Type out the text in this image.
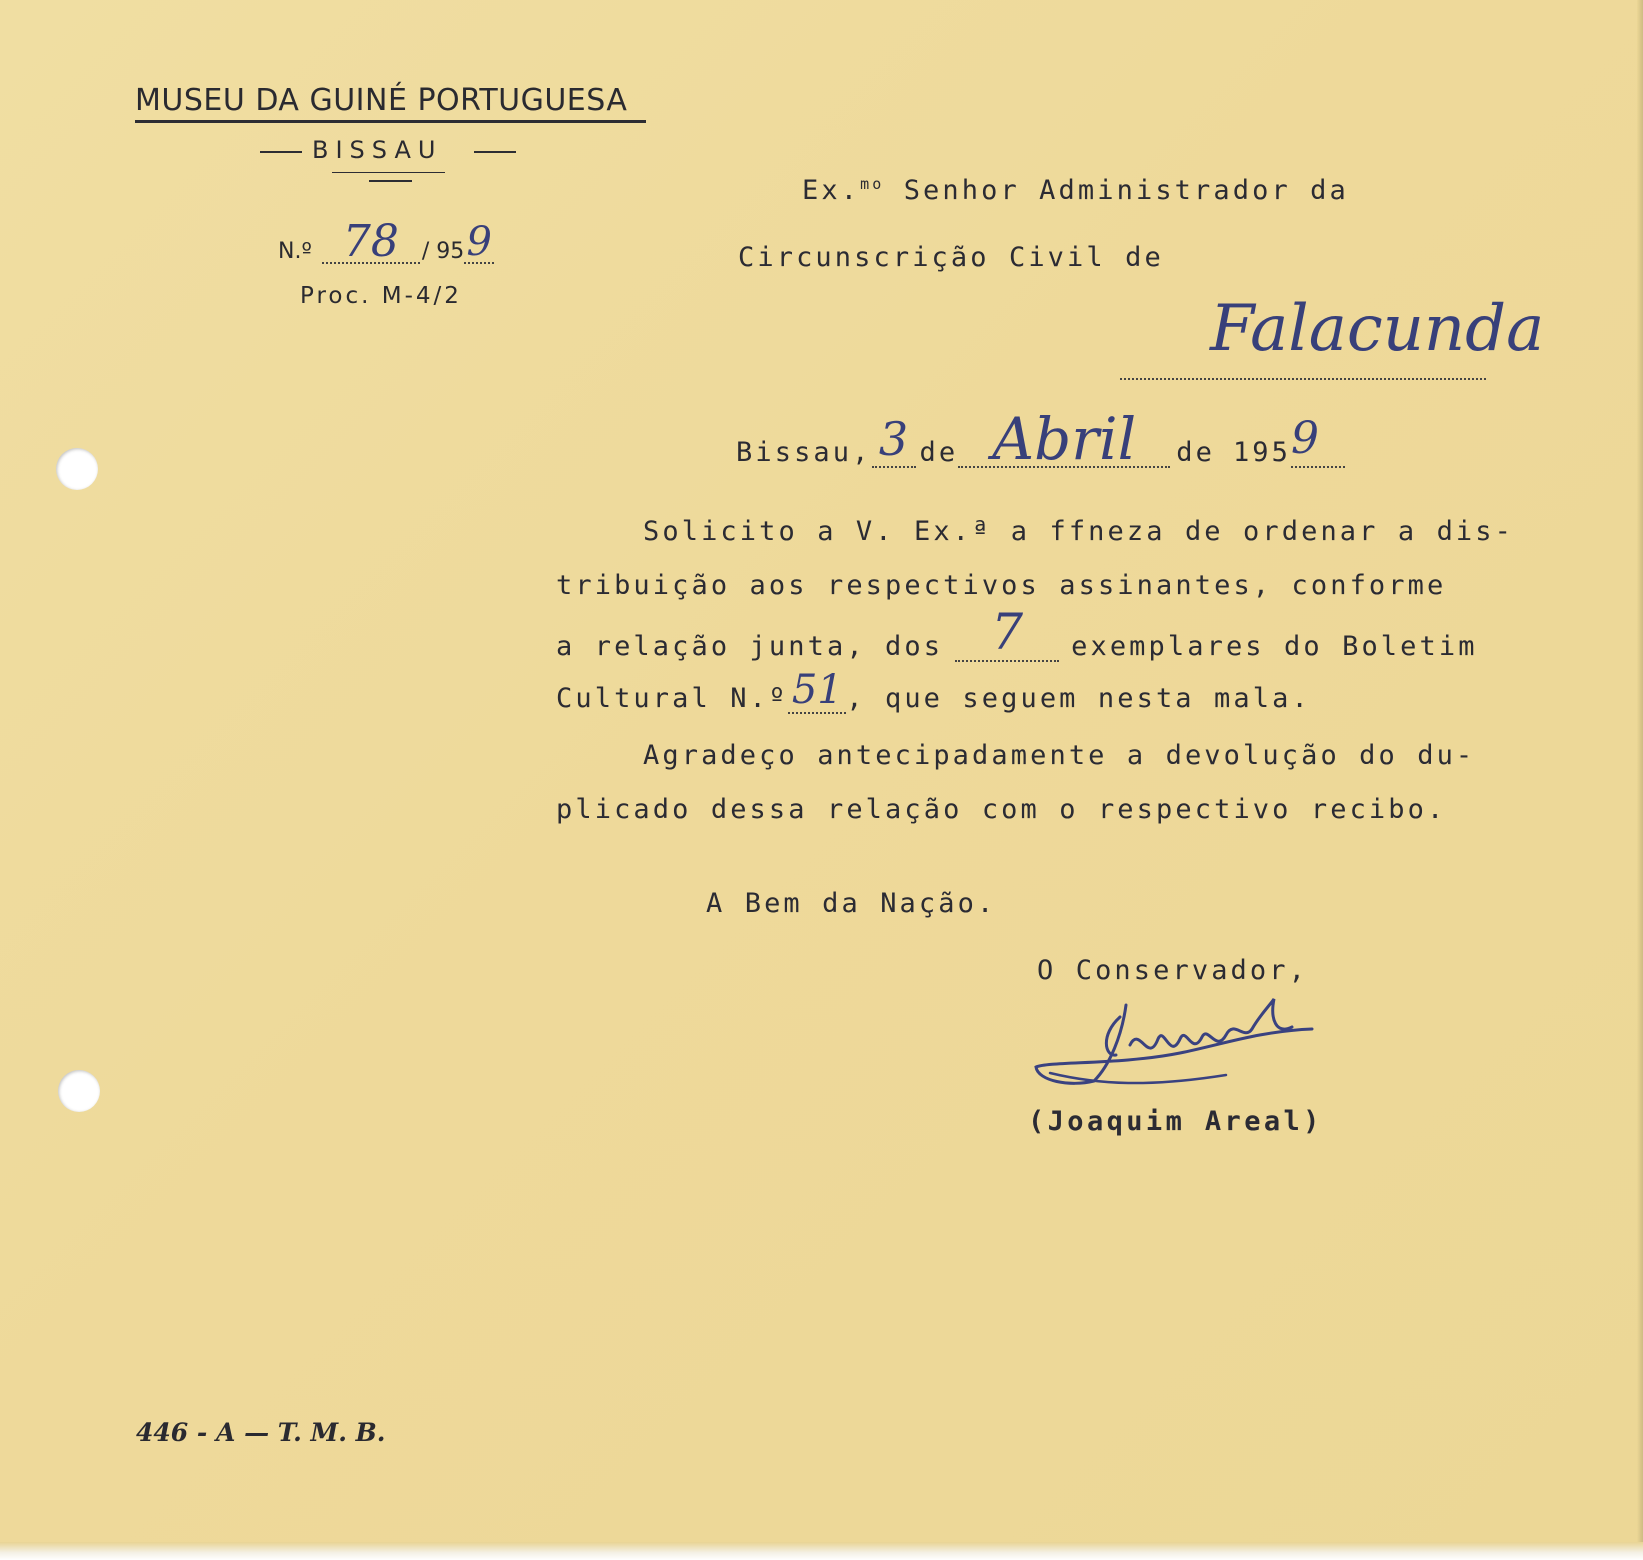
MUSEU DA GUINÉ PORTUGUESA
BISSAU
N.º 78	/ 95 9
Proc. M-4/2
Ex.$^{mo}$ Senhor Administrador da
Circunscrição Civil de
Falacunda
Bissau, 3 de Abril	de 195 9
Solicito a V. Ex.ª a ffneza de ordenar a dis-
tribuição aos respectivos assinantes, conforme
a relação junta, dos 7	exemplares do Boletim
Cultural N.º 51 , que seguem nesta mala.
Agradeço antecipadamente a devolução do du-
plicado dessa relação com o respectivo recibo.
A Bem da Nação.
O Conservador,
(Joaquim Areal)
446 - A — T. M. B.
